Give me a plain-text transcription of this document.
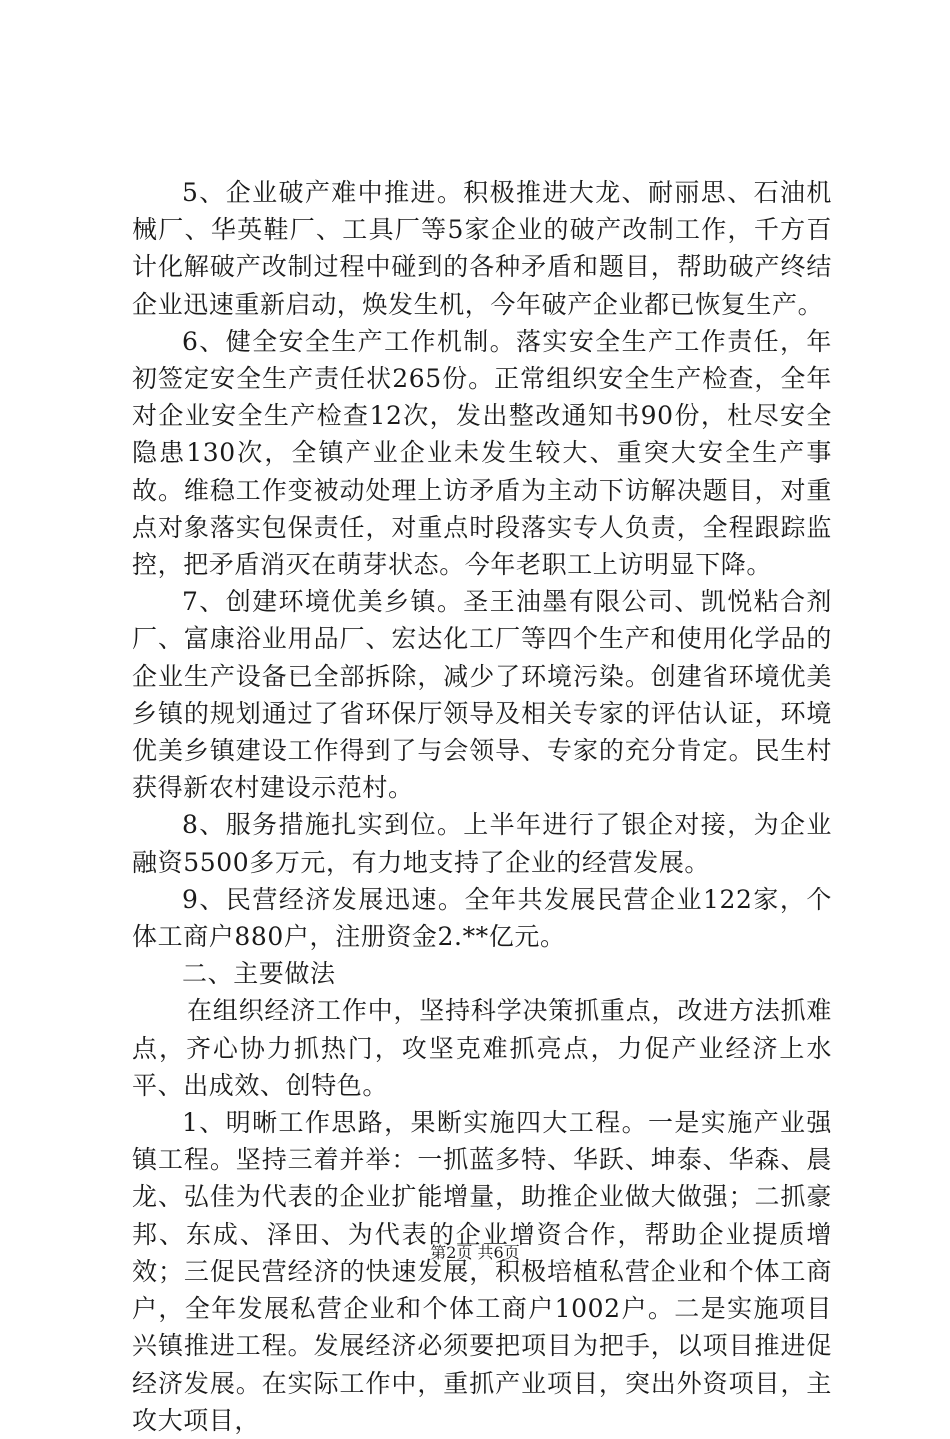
5、企业破产难中推进。积极推进大龙、耐丽思、石油机械厂、华英鞋厂、工具厂等5家企业的破产改制工作，千方百计化解破产改制过程中碰到的各种矛盾和题目，帮助破产终结企业迅速重新启动，焕发生机，今年破产企业都已恢复生产。

6、健全安全生产工作机制。落实安全生产工作责任，年初签定安全生产责任状265份。正常组织安全生产检查，全年对企业安全生产检查12次，发出整改通知书90份，杜尽安全隐患130次，全镇产业企业未发生较大、重突大安全生产事故。维稳工作变被动处理上访矛盾为主动下访解决题目，对重点对象落实包保责任，对重点时段落实专人负责，全程跟踪监控，把矛盾消灭在萌芽状态。今年老职工上访明显下降。

7、创建环境优美乡镇。圣王油墨有限公司、凯悦粘合剂厂、富康浴业用品厂、宏达化工厂等四个生产和使用化学品的企业生产设备已全部拆除，减少了环境污染。创建省环境优美乡镇的规划通过了省环保厅领导及相关专家的评估认证，环境优美乡镇建设工作得到了与会领导、专家的充分肯定。民生村获得新农村建设示范村。

8、服务措施扎实到位。上半年进行了银企对接，为企业融资5500多万元，有力地支持了企业的经营发展。

9、民营经济发展迅速。全年共发展民营企业122家，个体工商户880户，注册资金2.**亿元。

二、主要做法

在组织经济工作中，坚持科学决策抓重点，改进方法抓难点，齐心协力抓热门，攻坚克难抓亮点，力促产业经济上水平、出成效、创特色。

1、明晰工作思路，果断实施四大工程。一是实施产业强镇工程。坚持三着并举：一抓蓝多特、华跃、坤泰、华森、晨龙、弘佳为代表的企业扩能增量，助推企业做大做强；二抓豪邦、东成、泽田、为代表的企业增资合作，帮助企业提质增效；三促民营经济的快速发展，积极培植私营企业和个体工商户，全年发展私营企业和个体工商户1002户。二是实施项目兴镇推进工程。发展经济必须要把项目为把手，以项目推进促经济发展。在实际工作中，重抓产业项目，突出外资项目，主攻大项目，

第2页 共6页
